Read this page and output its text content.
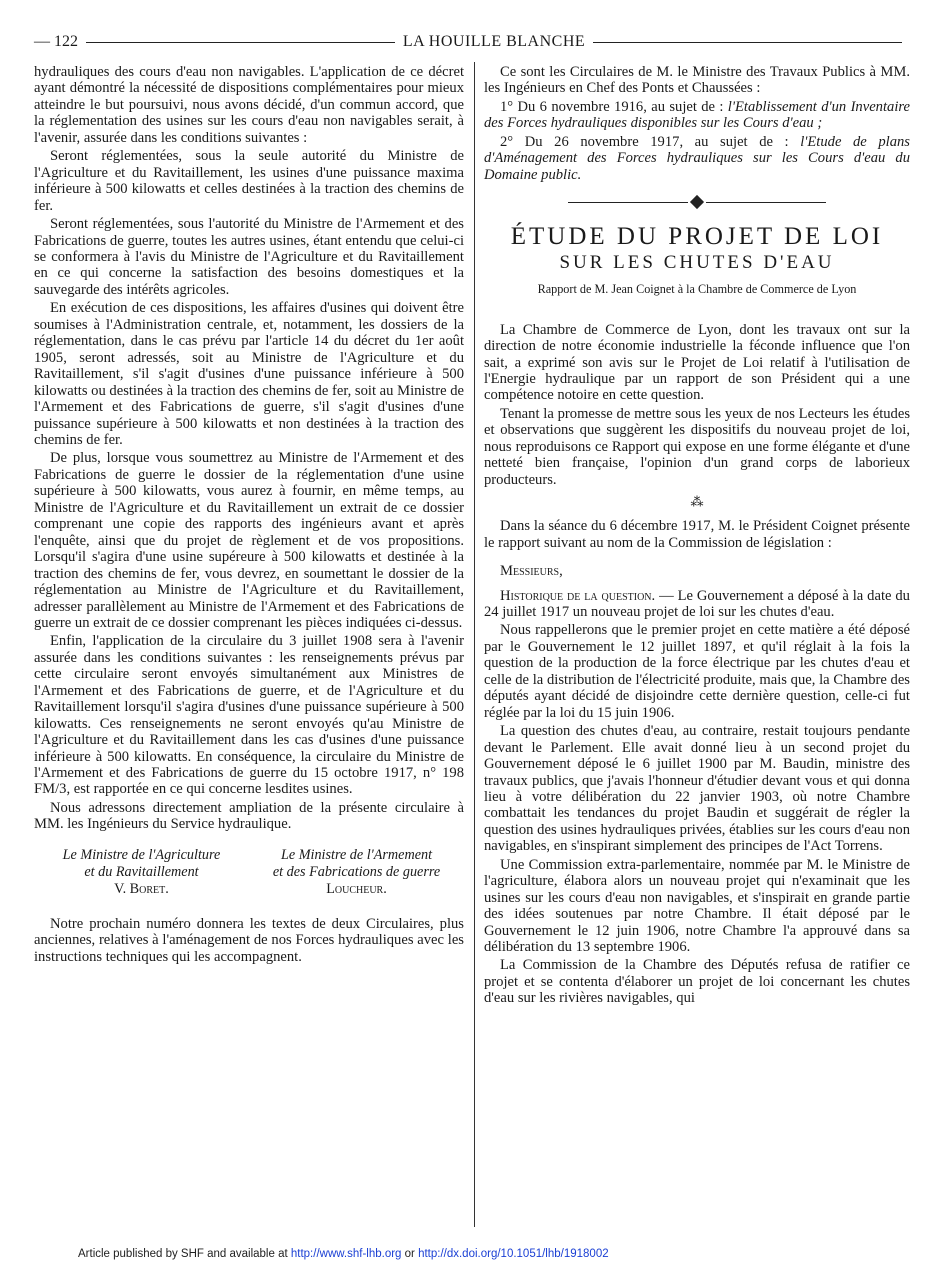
— 122	LA HOUILLE BLANCHE

hydrauliques des cours d'eau non navigables. L'application de ce décret ayant démontré la nécessité de dispositions complémentaires pour mieux atteindre le but poursuivi, nous avons décidé, d'un commun accord, que la réglementation des usines sur les cours d'eau non navigables serait, à l'avenir, assurée dans les conditions suivantes :

Seront réglementées, sous la seule autorité du Ministre de l'Agriculture et du Ravitaillement, les usines d'une puissance maxima inférieure à 500 kilowatts et celles destinées à la traction des chemins de fer.

Seront réglementées, sous l'autorité du Ministre de l'Armement et des Fabrications de guerre, toutes les autres usines, étant entendu que celui-ci se conformera à l'avis du Ministre de l'Agriculture et du Ravitaillement en ce qui concerne la satisfaction des besoins domestiques et la sauvegarde des intérêts agricoles.

En exécution de ces dispositions, les affaires d'usines qui doivent être soumises à l'Administration centrale, et, notamment, les dossiers de la réglementation, dans le cas prévu par l'article 14 du décret du 1er août 1905, seront adressés, soit au Ministre de l'Agriculture et du Ravitaillement, s'il s'agit d'usines d'une puissance inférieure à 500 kilowatts ou destinées à la traction des chemins de fer, soit au Ministre de l'Armement et des Fabrications de guerre, s'il s'agit d'usines d'une puissance supérieure à 500 kilowatts et non destinées à la traction des chemins de fer.

De plus, lorsque vous soumettrez au Ministre de l'Armement et des Fabrications de guerre le dossier de la réglementation d'une usine supérieure à 500 kilowatts, vous aurez à fournir, en même temps, au Ministre de l'Agriculture et du Ravitaillement un extrait de ce dossier comprenant une copie des rapports des ingénieurs avant et après l'enquête, ainsi que du projet de règlement et de vos propositions. Lorsqu'il s'agira d'une usine supéreure à 500 kilowatts et destinée à la traction des chemins de fer, vous devrez, en soumettant le dossier de la réglementation au Ministre de l'Agriculture et du Ravitaillement, adresser parallèlement au Ministre de l'Armement et des Fabrications de guerre un extrait de ce dossier comprenant les pièces indiquées ci-dessus.

Enfin, l'application de la circulaire du 3 juillet 1908 sera à l'avenir assurée dans les conditions suivantes : les renseignements prévus par cette circulaire seront envoyés simultanément aux Ministres de l'Armement et des Fabrications de guerre, et de l'Agriculture et du Ravitaillement lorsqu'il s'agira d'usines d'une puissance supérieure à 500 kilowatts. Ces renseignements ne seront envoyés qu'au Ministre de l'Agriculture et du Ravitaillement dans les cas d'usines d'une puissance inférieure à 500 kilowatts. En conséquence, la circulaire du Ministre de l'Armement et des Fabrications de guerre du 15 octobre 1917, n° 198 FM/3, est rapportée en ce qui concerne lesdites usines.

Nous adressons directement ampliation de la présente circulaire à MM. les Ingénieurs du Service hydraulique.

Le Ministre de l'Agriculture
et du Ravitaillement
V. Boret.
Le Ministre de l'Armement
et des Fabrications de guerre
Loucheur.

Notre prochain numéro donnera les textes de deux Circulaires, plus anciennes, relatives à l'aménagement de nos Forces hydrauliques avec les instructions techniques qui les accompagnent.

Ce sont les Circulaires de M. le Ministre des Travaux Publics à MM. les Ingénieurs en Chef des Ponts et Chaussées :

1° Du 6 novembre 1916, au sujet de : l'Etablissement d'un Inventaire des Forces hydrauliques disponibles sur les Cours d'eau ;

2° Du 26 novembre 1917, au sujet de : l'Etude de plans d'Aménagement des Forces hydrauliques sur les Cours d'eau du Domaine public.

ÉTUDE DU PROJET DE LOI
SUR LES CHUTES D'EAU
Rapport de M. Jean Coignet à la Chambre de Commerce de Lyon

La Chambre de Commerce de Lyon, dont les travaux ont sur la direction de notre économie industrielle la féconde influence que l'on sait, a exprimé son avis sur le Projet de Loi relatif à l'utilisation de l'Energie hydraulique par un rapport de son Président qui a une compétence notoire en cette question.

Tenant la promesse de mettre sous les yeux de nos Lecteurs les études et observations que suggèrent les dispositifs du nouveau projet de loi, nous reproduisons ce Rapport qui expose en une forme élégante et d'une netteté bien française, l'opinion d'un grand corps de laborieux producteurs.

⁂

Dans la séance du 6 décembre 1917, M. le Président Coignet présente le rapport suivant au nom de la Commission de législation :

Messieurs,

Historique de la question. — Le Gouvernement a déposé à la date du 24 juillet 1917 un nouveau projet de loi sur les chutes d'eau.

Nous rappellerons que le premier projet en cette matière a été déposé par le Gouvernement le 12 juillet 1897, et qu'il réglait à la fois la question de la production de la force électrique par les chutes d'eau et celle de la distribution de l'électricité produite, mais que, la Chambre des députés ayant décidé de disjoindre cette dernière question, celle-ci fut réglée par la loi du 15 juin 1906.

La question des chutes d'eau, au contraire, restait toujours pendante devant le Parlement. Elle avait donné lieu à un second projet du Gouvernement déposé le 6 juillet 1900 par M. Baudin, ministre des travaux publics, que j'avais l'honneur d'étudier devant vous et qui donna lieu à votre délibération du 22 janvier 1903, où notre Chambre combattait les tendances du projet Baudin et suggérait de régler la question des usines hydrauliques privées, établies sur les cours d'eau non navigables, en s'inspirant simplement des principes de l'Act Torrens.

Une Commission extra-parlementaire, nommée par M. le Ministre de l'agriculture, élabora alors un nouveau projet qui n'examinait que les usines sur les cours d'eau non navigables, et s'inspirait en grande partie des idées soutenues par notre Chambre. Il était déposé par le Gouvernement le 12 juin 1906, notre Chambre l'a approuvé dans sa délibération du 13 septembre 1906.

La Commission de la Chambre des Députés refusa de ratifier ce projet et se contenta d'élaborer un projet de loi concernant les chutes d'eau sur les rivières navigables, qui

Article published by SHF and available at http://www.shf-lhb.org or http://dx.doi.org/10.1051/lhb/1918002
